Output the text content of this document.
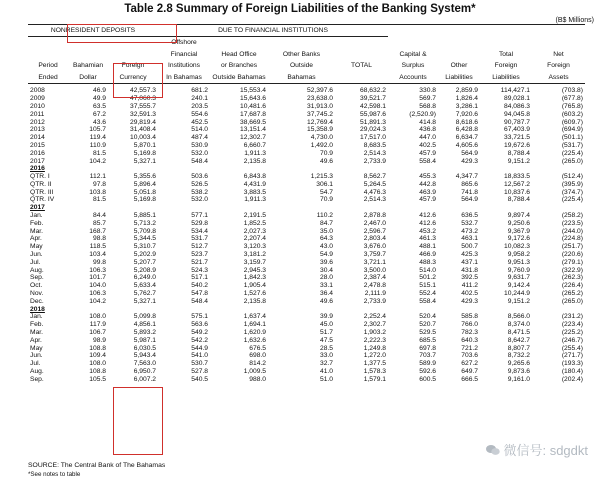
Table 2.8 Summary of Foreign Liabilities of the Banking System*
(B$ Millions)
NONRESIDENT DEPOSITS			DUE TO FINANCIAL INSTITUTIONS							
			Offshore							
			Financial	Head Office	Other Banks		Capital &		Total	Net
Period	Bahamian	Foreign	Institutions	or Branches	Outside	TOTAL	Surplus	Other	Foreign	Foreign
Ended	Dollar	Currency	In Bahamas	Outside Bahamas	Bahamas		Accounts	Liabilities	Liabilities	Assets

2008	46.9	42,557.3	681.2	15,553.4	52,397.6	68,632.2	330.8	2,859.9	114,427.1	(703.8)
2009	49.9	47,060.3	240.1	15,643.6	23,638.0	39,521.7	569.7	1,826.4	89,028.1	(677.8)
2010	63.5	37,555.7	203.5	10,481.6	31,913.0	42,598.1	568.8	3,286.1	84,086.3	(765.8)
2011	67.2	32,591.3	554.6	17,687.8	37,745.2	55,987.6	(2,520.9)	7,920.6	94,045.8	(603.2)
2012	43.6	29,819.4	452.5	38,669.5	12,769.4	51,891.3	414.8	8,618.6	90,787.7	(609.7)
2013	105.7	31,408.4	514.0	13,151.4	15,358.9	29,024.3	436.8	6,428.8	67,403.9	(694.9)
2014	119.4	10,003.4	487.4	12,302.7	4,730.0	17,517.0	447.0	6,634.7	33,721.5	(501.1)
2015	110.9	5,870.1	530.9	6,660.7	1,492.0	8,683.5	402.5	4,605.6	19,672.6	(531.7)
2016	81.5	5,169.8	532.0	1,911.3	70.9	2,514.3	457.9	564.9	8,788.4	(225.4)
2017	104.2	5,327.1	548.4	2,135.8	49.6	2,733.9	558.4	429.3	9,151.2	(265.0)
2016										
QTR. I	112.1	5,355.6	503.6	6,843.8	1,215.3	8,562.7	455.3	4,347.7	18,833.5	(512.4)
QTR. II	97.8	5,896.4	526.5	4,431.9	306.1	5,264.5	442.8	865.6	12,567.2	(395.9)
QTR. III	103.8	5,051.8	538.2	3,883.5	54.7	4,476.3	463.9	741.8	10,837.6	(374.7)
QTR. IV	81.5	5,169.8	532.0	1,911.3	70.9	2,514.3	457.9	564.9	8,788.4	(225.4)
2017										
Jan.	84.4	5,885.1	577.1	2,191.5	110.2	2,878.8	412.6	636.5	9,897.4	(258.2)
Feb.	85.7	5,713.2	529.8	1,852.5	84.7	2,467.0	412.6	532.7	9,250.6	(223.5)
Mar.	168.7	5,709.8	534.4	2,027.3	35.0	2,596.7	453.2	473.2	9,367.9	(244.0)
Apr.	98.8	5,344.5	531.7	2,207.4	64.3	2,803.4	461.3	463.1	9,172.6	(224.8)
May	118.5	5,310.7	512.7	3,120.3	43.0	3,676.0	488.1	500.7	10,082.3	(251.7)
Jun.	103.4	5,202.9	523.7	3,181.2	54.9	3,759.7	466.9	425.3	9,958.2	(220.6)
Jul.	99.8	5,207.7	521.7	3,159.7	39.6	3,721.1	488.3	437.1	9,951.3	(279.1)
Aug.	106.3	5,208.9	524.3	2,945.3	30.4	3,500.0	514.0	431.8	9,760.9	(322.9)
Sep.	101.7	6,249.0	517.1	1,842.3	28.0	2,387.4	501.2	392.5	9,631.7	(262.3)
Oct.	104.0	5,633.4	540.2	1,905.4	33.1	2,478.8	515.1	411.2	9,142.4	(226.4)
Nov.	106.3	5,762.7	547.8	1,527.6	36.4	2,111.9	552.4	402.5	10,244.9	(265.2)
Dec.	104.2	5,327.1	548.4	2,135.8	49.6	2,733.9	558.4	429.3	9,151.2	(265.0)
2018										
Jan.	108.0	5,099.8	575.1	1,637.4	39.9	2,252.4	520.4	585.8	8,566.0	(231.2)
Feb.	117.9	4,856.1	563.6	1,694.1	45.0	2,302.7	520.7	766.0	8,374.0	(223.4)
Mar.	106.7	5,893.2	549.2	1,620.9	51.7	1,903.2	529.5	782.3	8,471.5	(225.2)
Apr.	98.9	5,987.1	542.2	1,632.6	47.5	2,222.3	685.5	640.3	8,642.7	(246.7)
May	108.8	6,030.5	544.9	676.5	28.5	1,249.8	697.8	721.2	8,807.7	(255.4)
Jun.	109.4	5,943.4	541.0	698.0	33.0	1,272.0	703.7	703.6	8,732.2	(271.7)
Jul.	108.0	7,563.0	530.7	814.2	32.7	1,377.5	589.9	627.2	9,265.6	(193.3)
Aug.	108.8	6,950.7	527.8	1,009.5	41.0	1,578.3	592.6	649.7	9,873.6	(180.4)
Sep.	105.5	6,007.2	540.5	988.0	51.0	1,579.1	600.5	666.5	9,161.0	(202.4)
SOURCE: The Central Bank of The Bahamas
*See notes to table
微信号: sdgdkt
